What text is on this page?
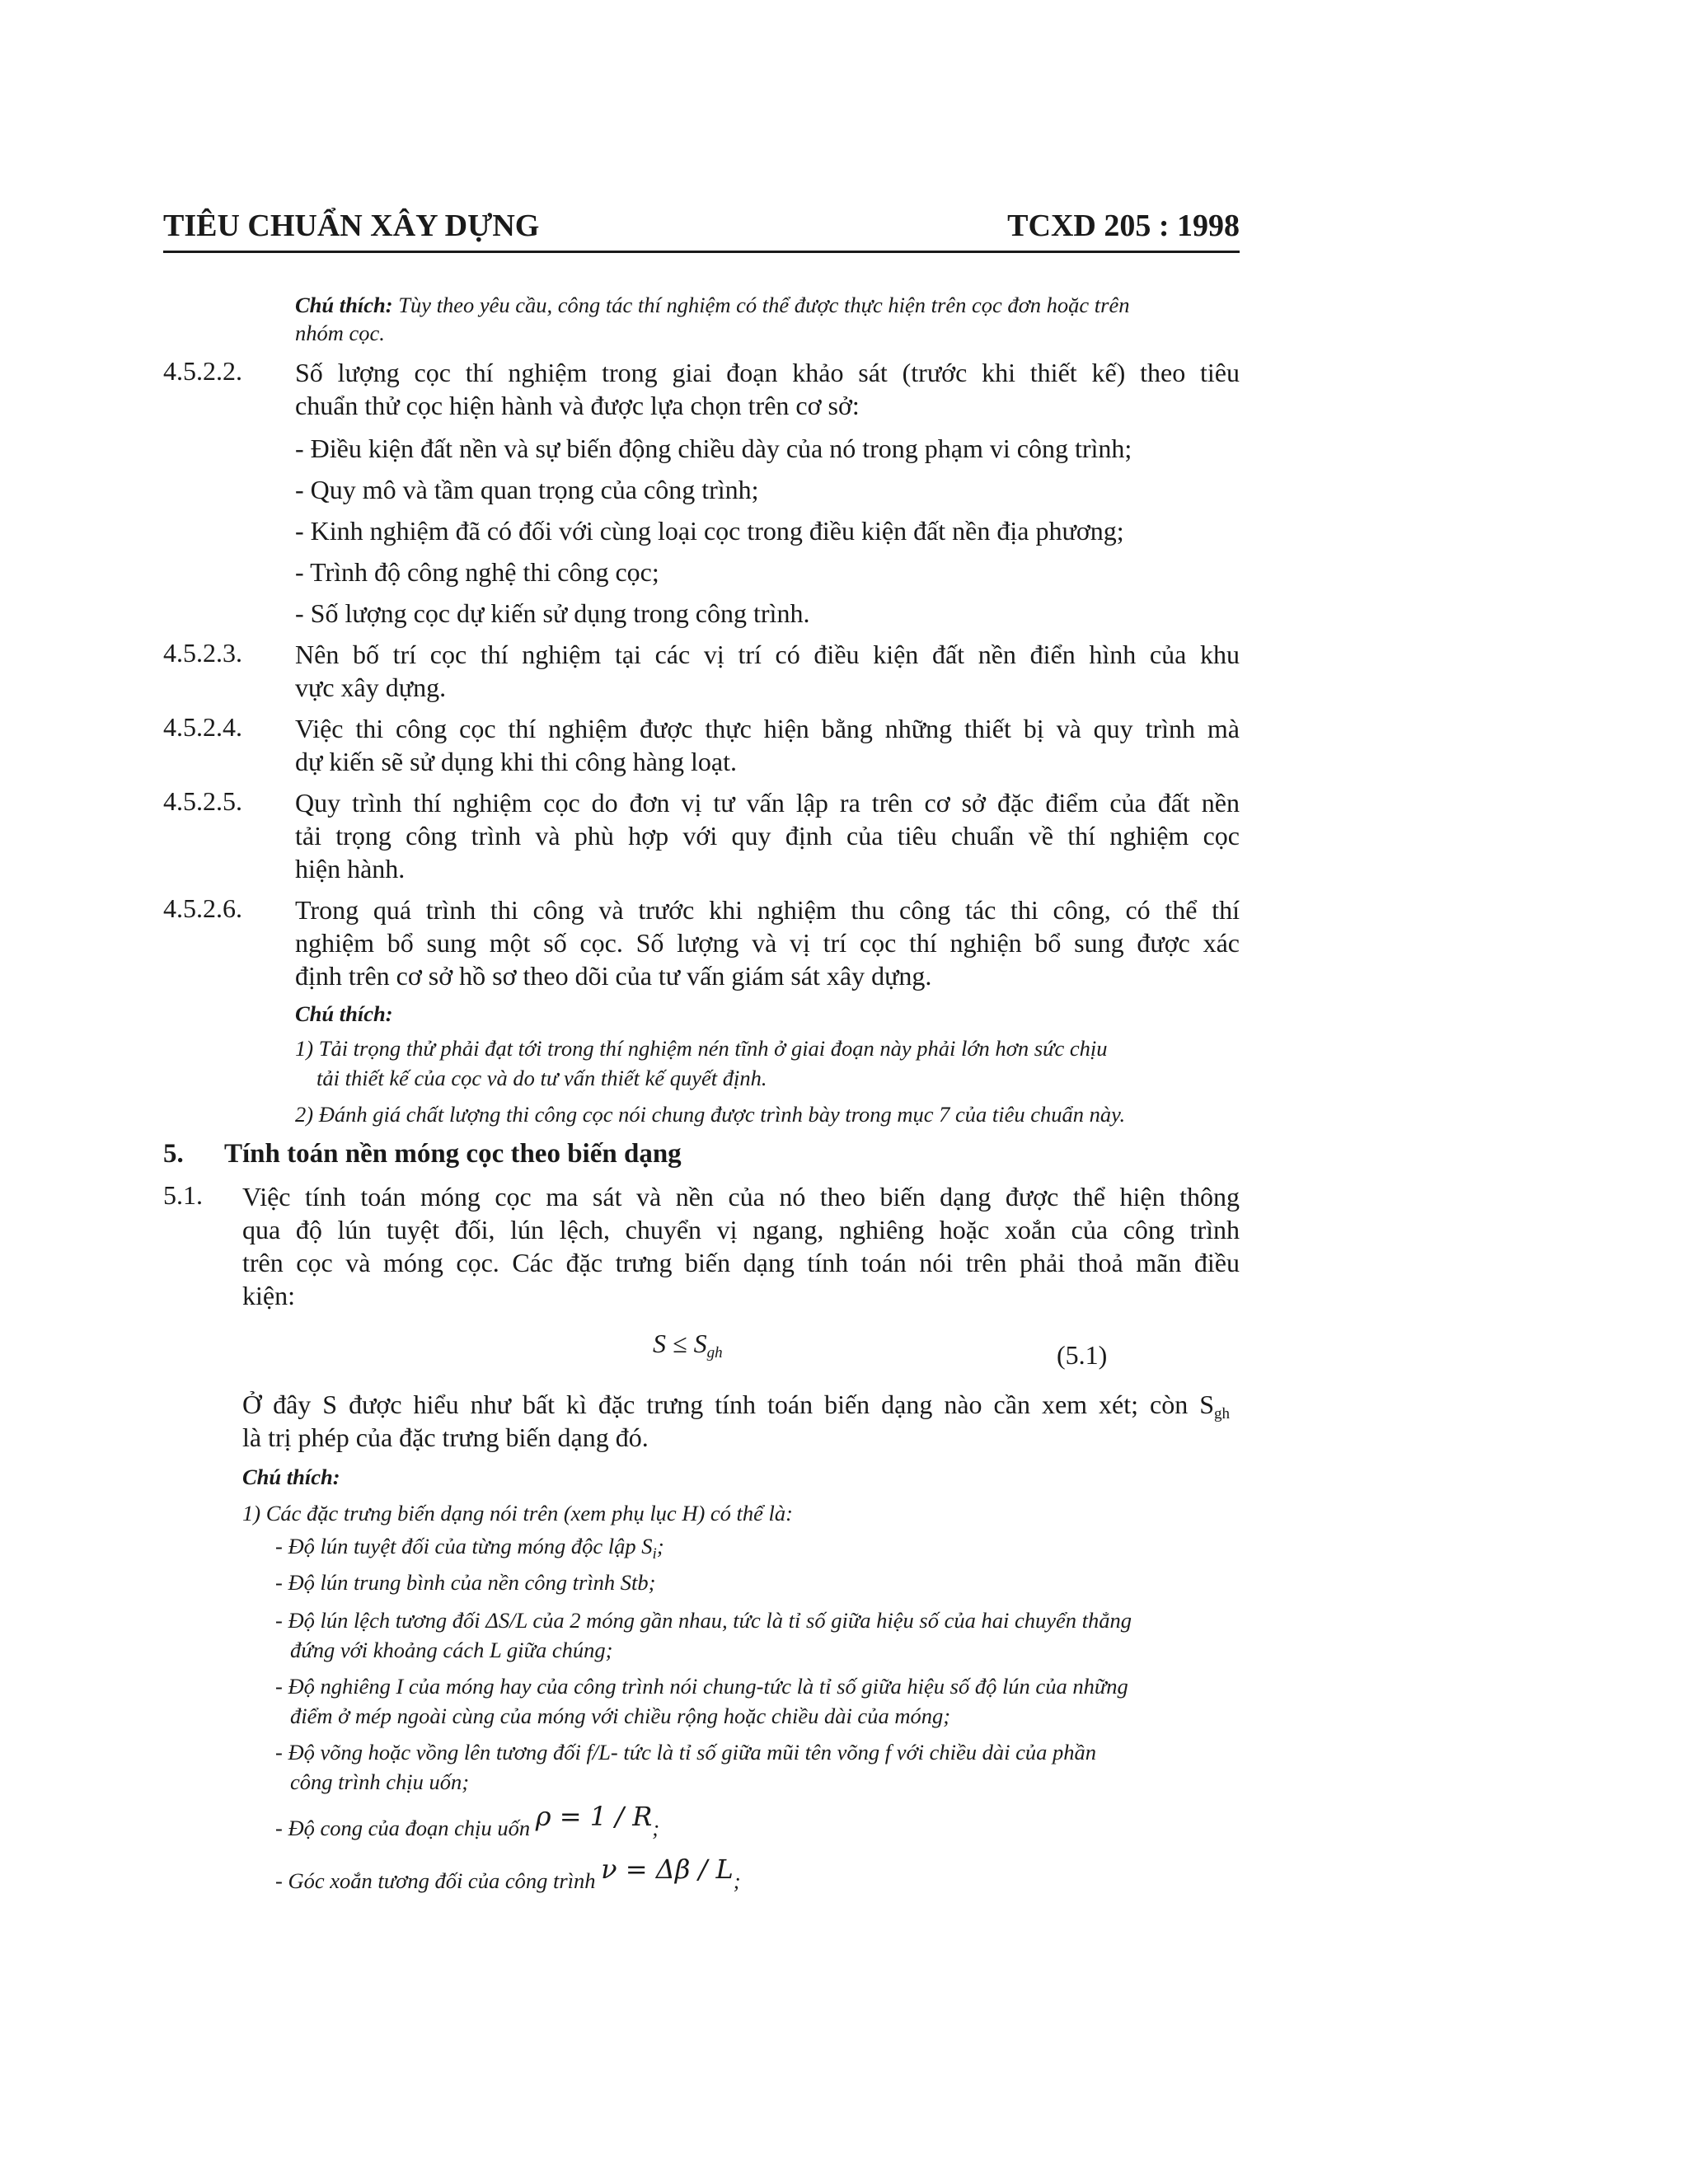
TIÊU CHUẨN XÂY DỰNG	TCXD 205 : 1998
Chú thích: Tùy theo yêu cầu, công tác thí nghiệm có thể được thực hiện trên cọc đơn hoặc trên
nhóm cọc.
4.5.2.2. Số lượng cọc thí nghiệm trong giai đoạn khảo sát (trước khi thiết kế) theo tiêu
chuẩn thử cọc hiện hành và được lựa chọn trên cơ sở:
- Điều kiện đất nền và sự biến động chiều dày của nó trong phạm vi công trình;
- Quy mô và tầm quan trọng của công trình;
- Kinh nghiệm đã có đối với cùng loại cọc trong điều kiện đất nền địa phương;
- Trình độ công nghệ thi công cọc;
- Số lượng cọc dự kiến sử dụng trong công trình.
4.5.2.3. Nên bố trí cọc thí nghiệm tại các vị trí có điều kiện đất nền điển hình của khu
vực xây dựng.
4.5.2.4. Việc thi công cọc thí nghiệm được thực hiện bằng những thiết bị và quy trình mà
dự kiến sẽ sử dụng khi thi công hàng loạt.
4.5.2.5. Quy trình thí nghiệm cọc do đơn vị tư vấn lập ra trên cơ sở đặc điểm của đất nền
tải trọng công trình và phù hợp với quy định của tiêu chuẩn về thí nghiệm cọc
hiện hành.
4.5.2.6. Trong quá trình thi công và trước khi nghiệm thu công tác thi công, có thể thí
nghiệm bổ sung một số cọc. Số lượng và vị trí cọc thí nghiện bổ sung được xác
định trên cơ sở hồ sơ theo dõi của tư vấn giám sát xây dựng.
Chú thích:
1) Tải trọng thử phải đạt tới trong thí nghiệm nén tĩnh ở giai đoạn này phải lớn hơn sức chịu
tải thiết kế của cọc và do tư vấn thiết kế quyết định.
2) Đánh giá chất lượng thi công cọc nói chung được trình bày trong mục 7 của tiêu chuẩn này.
5. Tính toán nền móng cọc theo biến dạng
5.1. Việc tính toán móng cọc ma sát và nền của nó theo biến dạng được thể hiện thông
qua độ lún tuyệt đối, lún lệch, chuyển vị ngang, nghiêng hoặc xoắn của công trình
trên cọc và móng cọc. Các đặc trưng biến dạng tính toán nói trên phải thoả mãn điều
kiện:
$S \le S_{gh}$	(5.1)
Ở đây S được hiểu như bất kì đặc trưng tính toán biến dạng nào cần xem xét; còn $S_{gh}$
là trị phép của đặc trưng biến dạng đó.
Chú thích:
1) Các đặc trưng biến dạng nói trên (xem phụ lục H) có thể là:
- Độ lún tuyệt đối của từng móng độc lập $S_i$;
- Độ lún trung bình của nền công trình Stb;
- Độ lún lệch tương đối ΔS/L của 2 móng gần nhau, tức là tỉ số giữa hiệu số của hai chuyển thẳng
đứng với khoảng cách L giữa chúng;
- Độ nghiêng I của móng hay của công trình nói chung-tức là tỉ số giữa hiệu số độ lún của những
điểm ở mép ngoài cùng của móng với chiều rộng hoặc chiều dài của móng;
- Độ võng hoặc vồng lên tương đối f/L- tức là tỉ số giữa mũi tên võng f với chiều dài của phần
công trình chịu uốn;
- Độ cong của đoạn chịu uốn ρ = 1 / R;
- Góc xoắn tương đối của công trình ν = Δβ / L;
